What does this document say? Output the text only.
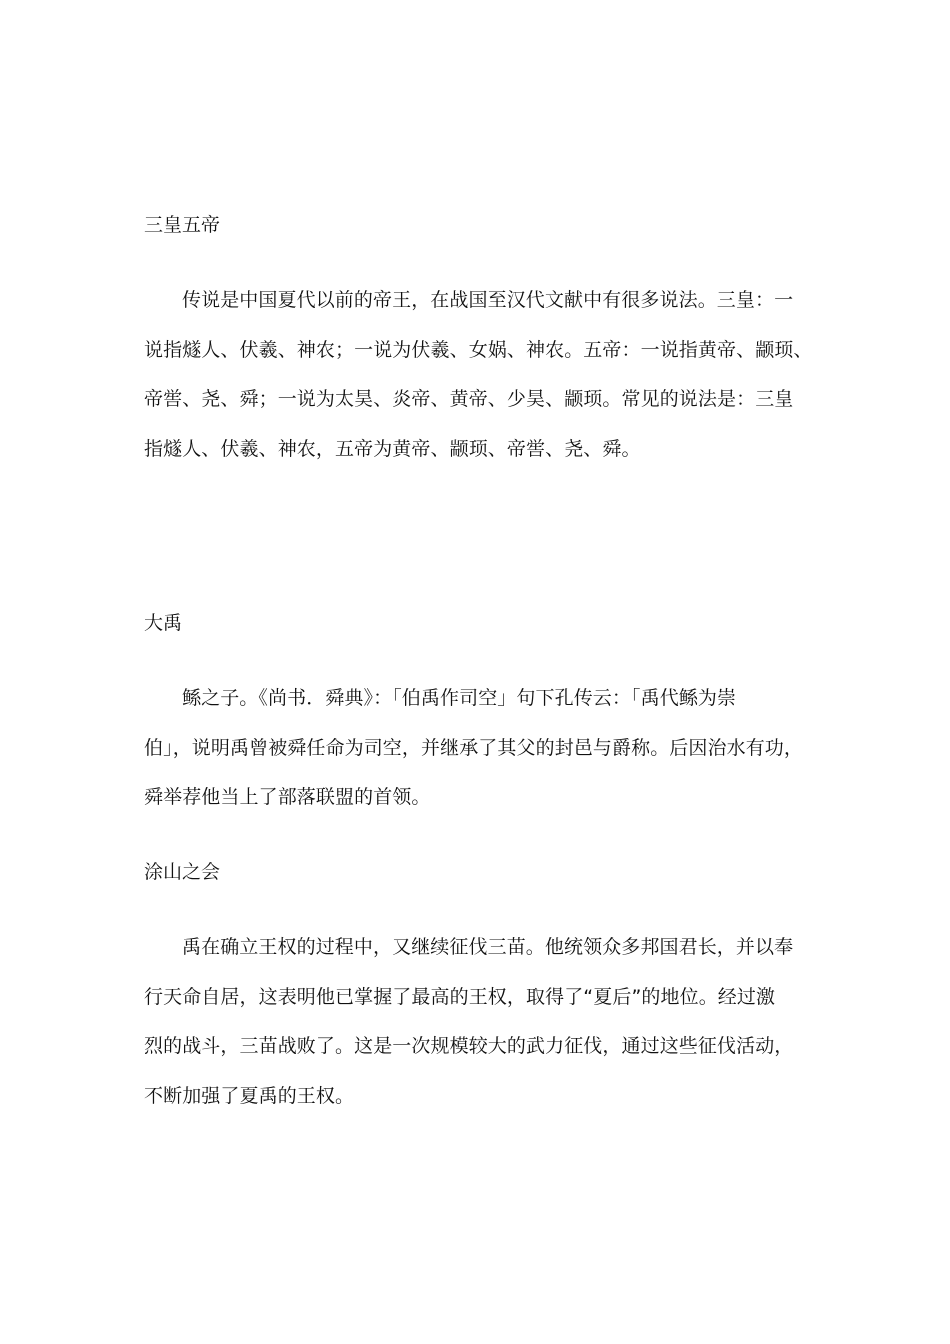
三皇五帝
传说是中国夏代以前的帝王，在战国至汉代文献中有很多说法。三皇：一
说指燧人、伏羲、神农；一说为伏羲、女娲、神农。五帝：一说指黄帝、颛顼、
帝喾、尧、舜；一说为太昊、炎帝、黄帝、少昊、颛顼。常见的说法是：三皇
指燧人、伏羲、神农，五帝为黄帝、颛顼、帝喾、尧、舜。
大禹
鲧之子。《尚书．舜典》：「伯禹作司空」句下孔传云：「禹代鲧为崇
伯」，说明禹曾被舜任命为司空，并继承了其父的封邑与爵称。后因治水有功，
舜举荐他当上了部落联盟的首领。
涂山之会
禹在确立王权的过程中，又继续征伐三苗。他统领众多邦国君长，并以奉
行天命自居，这表明他已掌握了最高的王权，取得了“夏后”的地位。经过激
烈的战斗，三苗战败了。这是一次规模较大的武力征伐，通过这些征伐活动，
不断加强了夏禹的王权。
